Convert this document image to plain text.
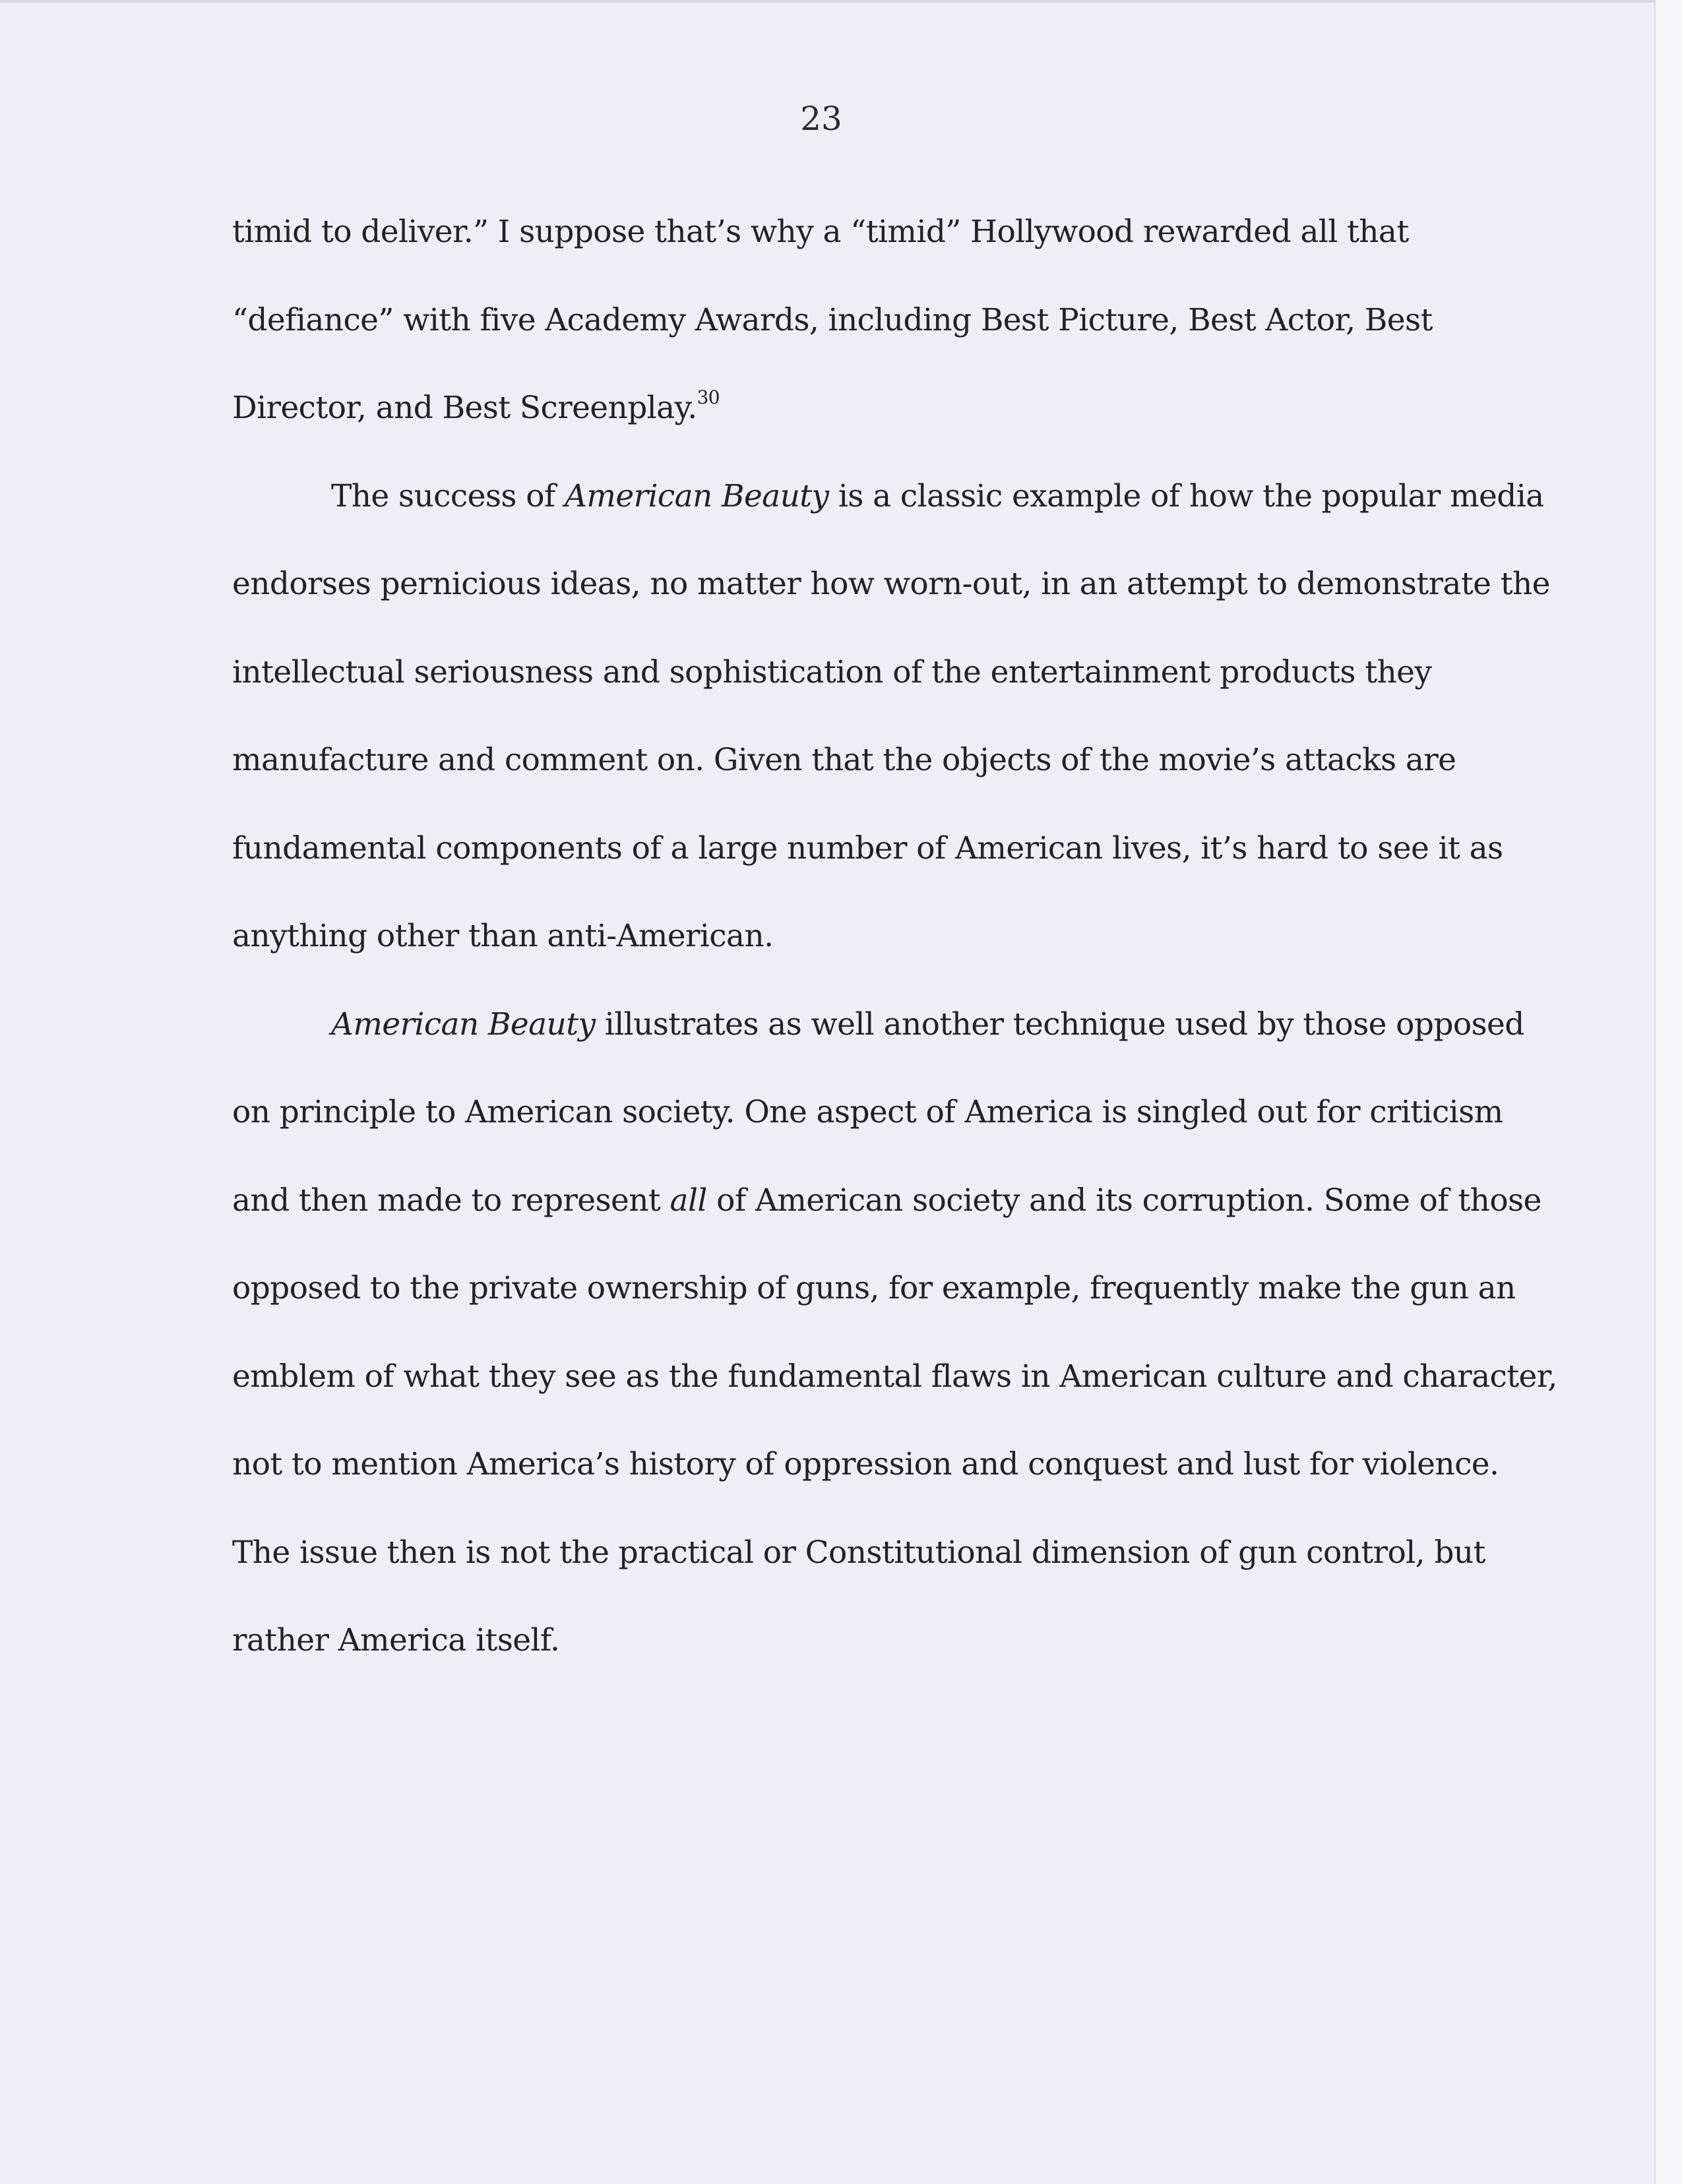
23

timid to deliver.” I suppose that’s why a “timid” Hollywood rewarded all that “defiance” with five Academy Awards, including Best Picture, Best Actor, Best Director, and Best Screenplay.$^{30}$

The success of American Beauty is a classic example of how the popular media endorses pernicious ideas, no matter how worn-out, in an attempt to demonstrate the intellectual seriousness and sophistication of the entertainment products they manufacture and comment on. Given that the objects of the movie’s attacks are fundamental components of a large number of American lives, it’s hard to see it as anything other than anti-American.

American Beauty illustrates as well another technique used by those opposed on principle to American society. One aspect of America is singled out for criticism and then made to represent all of American society and its corruption. Some of those opposed to the private ownership of guns, for example, frequently make the gun an emblem of what they see as the fundamental flaws in American culture and character, not to mention America’s history of oppression and conquest and lust for violence. The issue then is not the practical or Constitutional dimension of gun control, but rather America itself.
